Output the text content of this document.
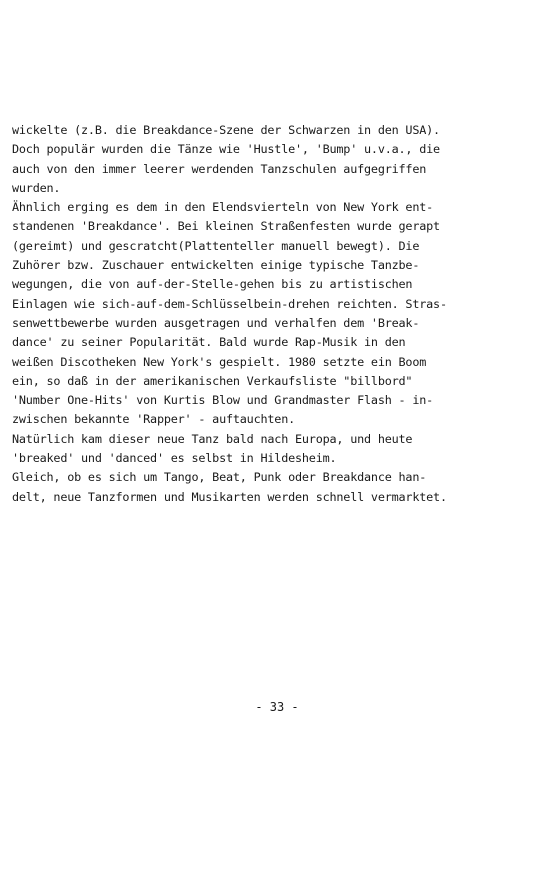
wickelte (z.B. die Breakdance-Szene der Schwarzen in den USA).
Doch populär wurden die Tänze wie 'Hustle', 'Bump' u.v.a., die
auch von den immer leerer werdenden Tanzschulen aufgegriffen
wurden.
Ähnlich erging es dem in den Elendsvierteln von New York ent-
standenen 'Breakdance'. Bei kleinen Straßenfesten wurde gerapt
(gereimt) und gescratcht(Plattenteller manuell bewegt). Die
Zuhörer bzw. Zuschauer entwickelten einige typische Tanzbe-
wegungen, die von auf-der-Stelle-gehen bis zu artistischen
Einlagen wie sich-auf-dem-Schlüsselbein-drehen reichten. Stras-
senwettbewerbe wurden ausgetragen und verhalfen dem 'Break-
dance' zu seiner Popularität. Bald wurde Rap-Musik in den
weißen Discotheken New York's gespielt. 1980 setzte ein Boom
ein, so daß in der amerikanischen Verkaufsliste "billbord"
'Number One-Hits' von Kurtis Blow und Grandmaster Flash - in-
zwischen bekannte 'Rapper' - auftauchten.
Natürlich kam dieser neue Tanz bald nach Europa, und heute
'breaked' und 'danced' es selbst in Hildesheim.
Gleich, ob es sich um Tango, Beat, Punk oder Breakdance han-
delt, neue Tanzformen und Musikarten werden schnell vermarktet.
- 33 -
